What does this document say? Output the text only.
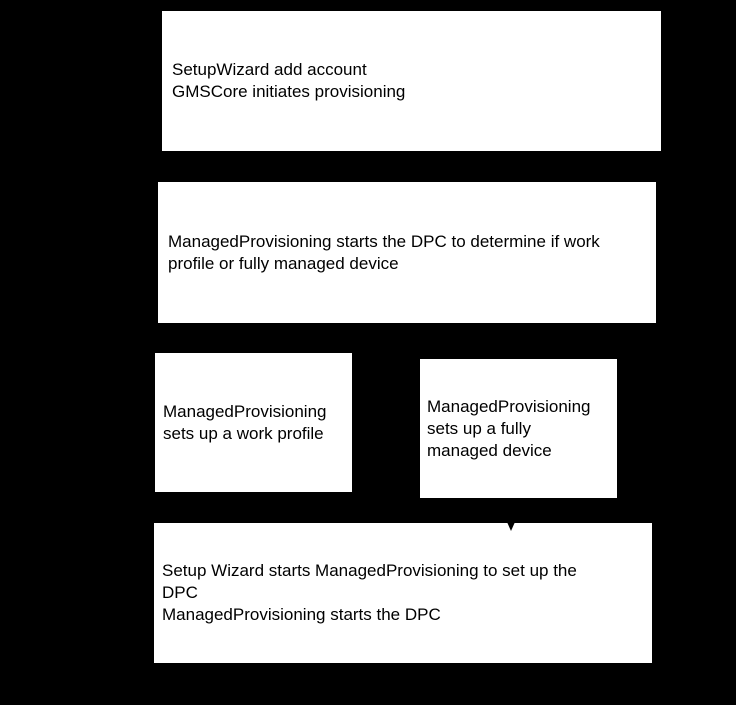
SetupWizard add account
GMSCore initiates provisioning
ManagedProvisioning starts the DPC to determine if work
profile or fully managed device
ManagedProvisioning
sets up a work profile
ManagedProvisioning
sets up a fully
managed device
Setup Wizard starts ManagedProvisioning to set up the
DPC
ManagedProvisioning starts the DPC
